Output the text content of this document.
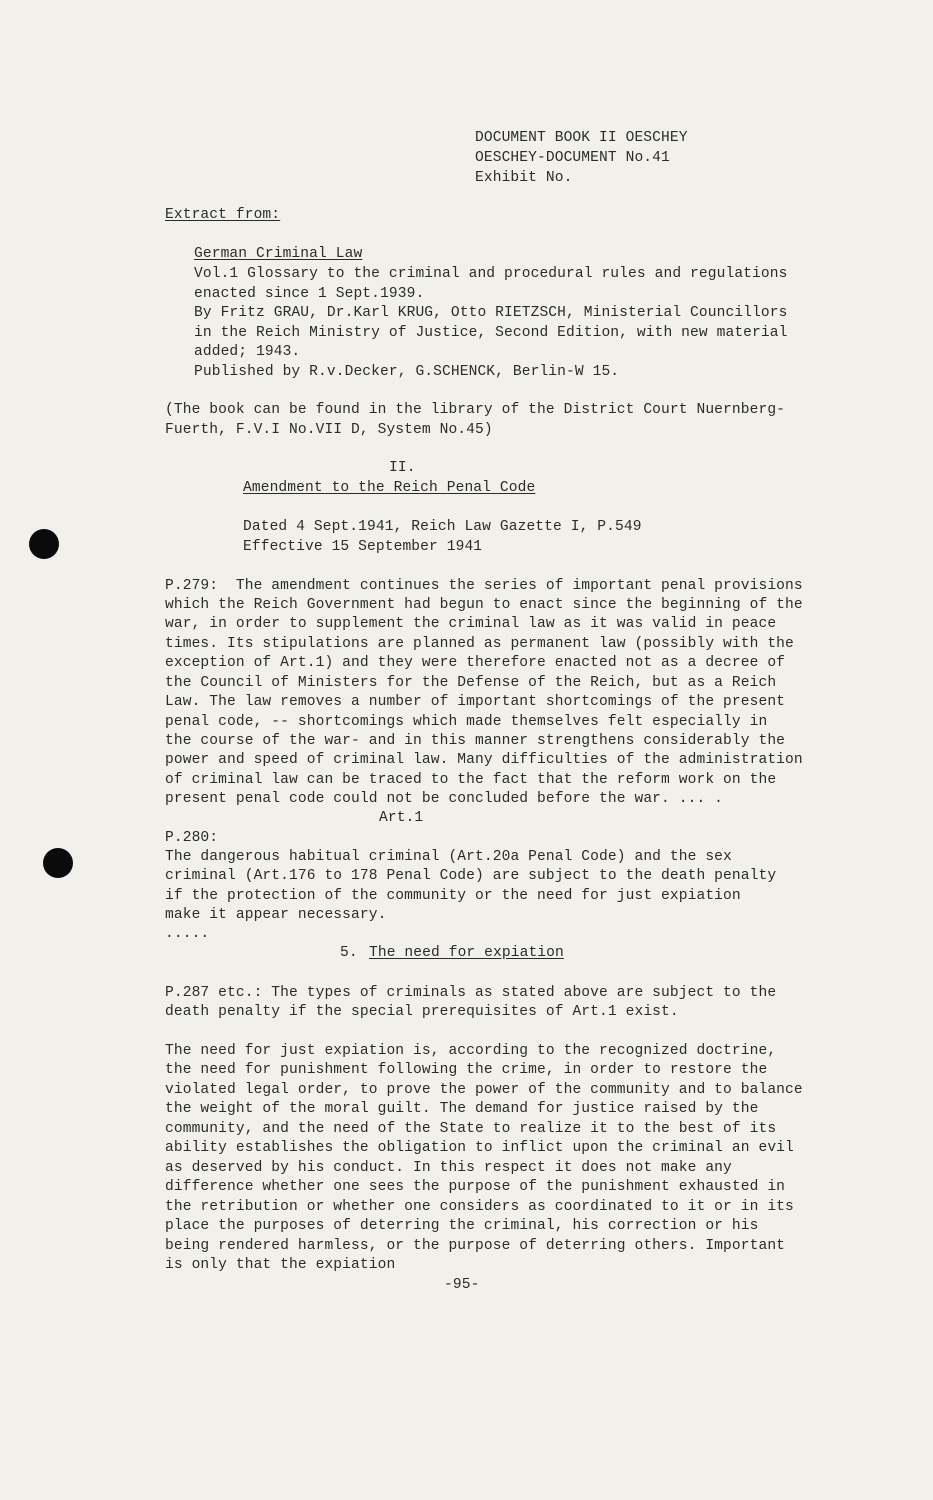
DOCUMENT BOOK II OESCHEY
OESCHEY-DOCUMENT No.41
Exhibit No.
Extract from:
German Criminal Law
Vol.1 Glossary to the criminal and procedural rules and regulations
enacted since 1 Sept.1939.
By Fritz GRAU, Dr.Karl KRUG, Otto RIETZSCH, Ministerial Councillors
in the Reich Ministry of Justice, Second Edition, with new material
added; 1943.
Published by R.v.Decker, G.SCHENCK, Berlin-W 15.
(The book can be found in the library of the District Court Nuernberg-
Fuerth, F.V.I No.VII D, System No.45)
II.
Amendment to the Reich Penal Code
Dated 4 Sept.1941, Reich Law Gazette I, P.549
Effective 15 September 1941
P.279:  The amendment continues the series of important penal provisions
which the Reich Government had begun to enact since the beginning of the
war, in order to supplement the criminal law as it was valid in peace
times. Its stipulations are planned as permanent law (possibly with the
exception of Art.1) and they were therefore enacted not as a decree of
the Council of Ministers for the Defense of the Reich, but as a Reich
Law. The law removes a number of important shortcomings of the present
penal code, -- shortcomings which made themselves felt especially in
the course of the war- and in this manner strengthens considerably the
power and speed of criminal law. Many difficulties of the administration
of criminal law can be traced to the fact that the reform work on the
present penal code could not be concluded before the war. ... .
Art.1
P.280:
The dangerous habitual criminal (Art.20a Penal Code) and the sex
criminal (Art.176 to 178 Penal Code) are subject to the death penalty
if the protection of the community or the need for just expiation
make it appear necessary.
.....
5. The need for expiation
P.287 etc.: The types of criminals as stated above are subject to the
death penalty if the special prerequisites of Art.1 exist.
The need for just expiation is, according to the recognized doctrine,
the need for punishment following the crime, in order to restore the
violated legal order, to prove the power of the community and to balance
the weight of the moral guilt. The demand for justice raised by the
community, and the need of the State to realize it to the best of its
ability establishes the obligation to inflict upon the criminal an evil
as deserved by his conduct. In this respect it does not make any
difference whether one sees the purpose of the punishment exhausted in
the retribution or whether one considers as coordinated to it or in its
place the purposes of deterring the criminal, his correction or his
being rendered harmless, or the purpose of deterring others. Important
is only that the expiation
-95-
